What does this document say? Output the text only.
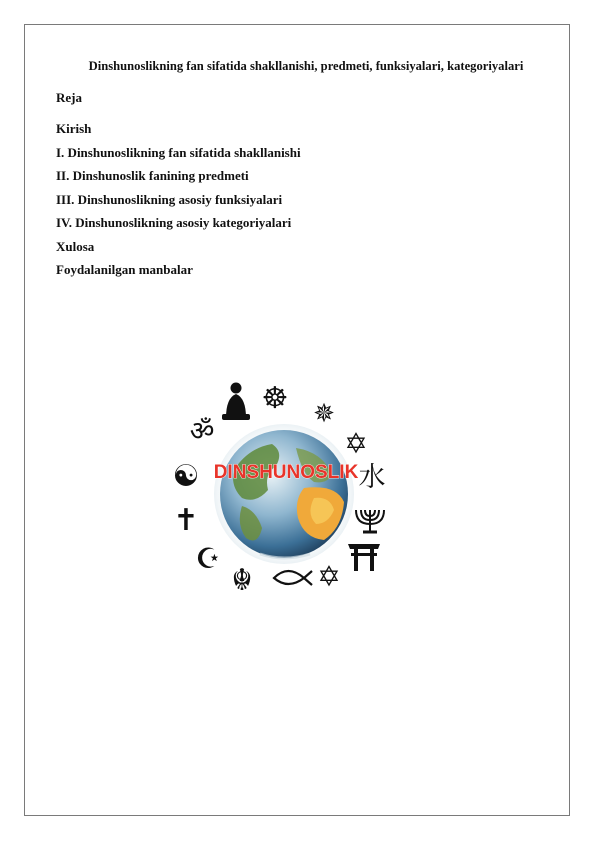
Dinshunoslikning fan sifatida shakllanishi, predmeti, funksiyalari, kategoriyalari
Reja
Kirish
I. Dinshunoslikning fan sifatida shakllanishi
II. Dinshunoslik fanining predmeti
III. Dinshunoslikning asosiy funksiyalari
IV. Dinshunoslikning asosiy kategoriyalari
Xulosa
Foydalanilgan manbalar
DINSHUNOSLIK
ॐ
☸ ✵
✡
水
✡
☬
☪
✝
☯
